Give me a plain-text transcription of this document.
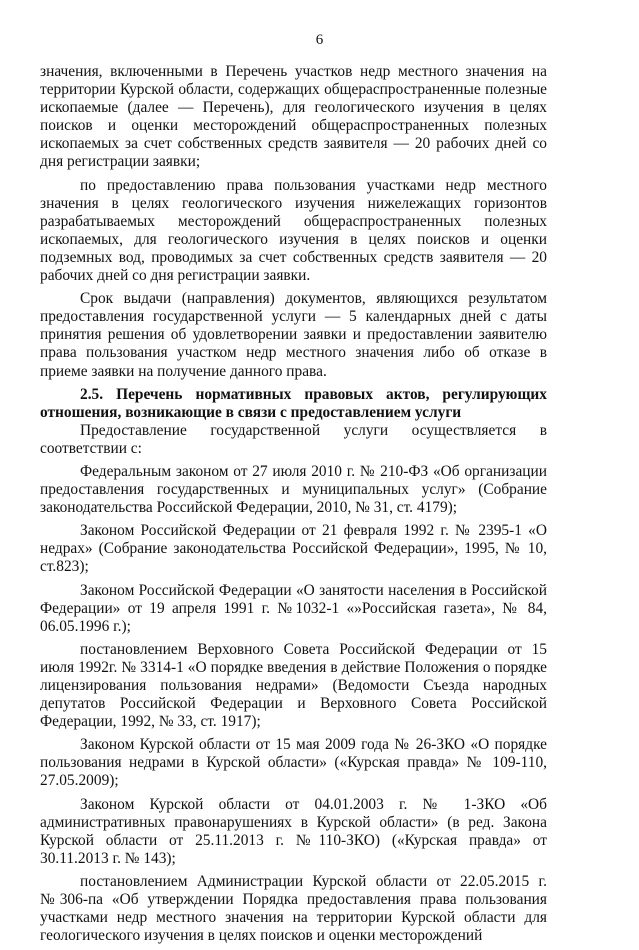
6

значения, включенными в Перечень участков недр местного значения на территории Курской области, содержащих общераспространенные полезные ископаемые (далее — Перечень), для геологического изучения в целях поисков и оценки месторождений общераспространенных полезных ископаемых за счет собственных средств заявителя — 20 рабочих дней со дня регистрации заявки;

по предоставлению права пользования участками недр местного значения в целях геологического изучения нижележащих горизонтов разрабатываемых месторождений общераспространенных полезных ископаемых, для геологического изучения в целях поисков и оценки подземных вод, проводимых за счет собственных средств заявителя — 20 рабочих дней со дня регистрации заявки.

Срок выдачи (направления) документов, являющихся результатом предоставления государственной услуги — 5 календарных дней с даты принятия решения об удовлетворении заявки и предоставлении заявителю права пользования участком недр местного значения либо об отказе в приеме заявки на получение данного права.

2.5. Перечень нормативных правовых актов, регулирующих отношения, возникающие в связи с предоставлением услуги

Предоставление государственной услуги осуществляется в соответствии с:

Федеральным законом от 27 июля 2010 г. № 210-ФЗ «Об организации предоставления государственных и муниципальных услуг» (Собрание законодательства Российской Федерации, 2010, № 31, ст. 4179);

Законом Российской Федерации от 21 февраля 1992 г. № 2395-1 «О недрах» (Собрание законодательства Российской Федерации», 1995, № 10, ст.823);

Законом Российской Федерации «О занятости населения в Российской Федерации» от 19 апреля 1991 г. №1032-1 «»Российская газета», № 84, 06.05.1996 г.);

постановлением Верховного Совета Российской Федерации от 15 июля 1992г. № 3314-1 «О порядке введения в действие Положения о порядке лицензирования пользования недрами» (Ведомости Съезда народных депутатов Российской Федерации и Верховного Совета Российской Федерации, 1992, № 33, ст. 1917);

Законом Курской области от 15 мая 2009 года № 26-ЗКО «О порядке пользования недрами в Курской области» («Курская правда» № 109-110, 27.05.2009);

Законом Курской области от 04.01.2003 г. № 1-ЗКО «Об административных правонарушениях в Курской области» (в ред. Закона Курской области от 25.11.2013 г. №110-ЗКО) («Курская правда» от 30.11.2013 г. № 143);

постановлением Администрации Курской области от 22.05.2015 г. №306-па «Об утверждении Порядка предоставления права пользования участками недр местного значения на территории Курской области для геологического изучения в целях поисков и оценки месторождений
